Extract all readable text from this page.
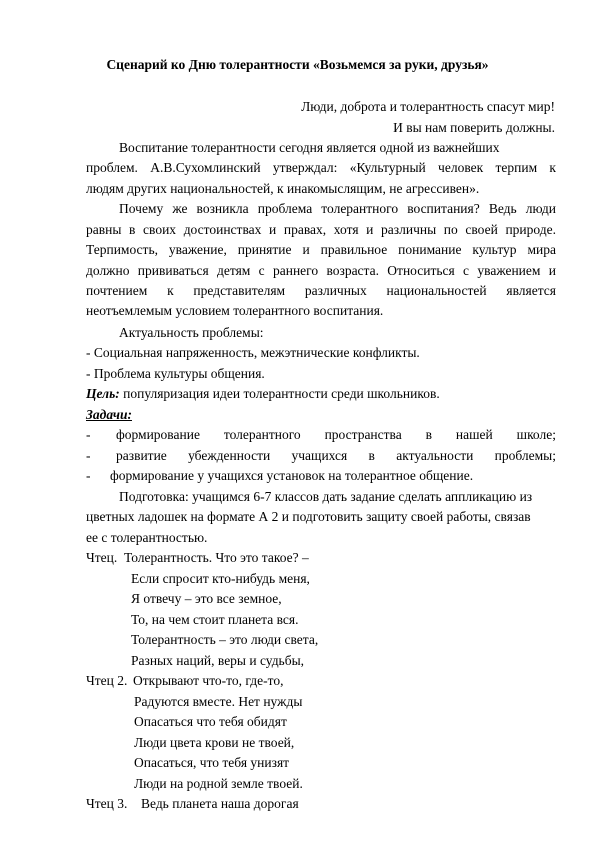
Сценарий ко Дню толерантности «Возьмемся за руки, друзья»
Люди, доброта и толерантность спасут мир!
И вы нам поверить должны.
Воспитание толерантности сегодня является одной из важнейших
проблем. А.В.Сухомлинский утверждал: «Культурный человек терпим к
людям других национальностей, к инакомыслящим, не агрессивен».
Почему же возникла проблема толерантного воспитания? Ведь люди
равны в своих достоинствах и правах, хотя и различны по своей природе.
Терпимость, уважение, принятие и правильное понимание культур мира
должно прививаться детям с раннего возраста. Относиться с уважением и
почтением к представителям различных национальностей является
неотъемлемым условием толерантного воспитания.
Актуальность проблемы:
- Социальная напряженность, межэтнические конфликты.
- Проблема культуры общения.
Цель: популяризация идеи толерантности среди школьников.
Задачи:
- формирование толерантного пространства в нашей школе;
- развитие убежденности учащихся в актуальности проблемы;
- формирование у учащихся установок на толерантное общение.
Подготовка: учащимся 6-7 классов дать задание сделать аппликацию из
цветных ладошек на формате А 2 и подготовить защиту своей работы, связав
ее с толерантностью.
Чтец. Толерантность. Что это такое? –
Если спросит кто-нибудь меня,
Я отвечу – это все земное,
То, на чем стоит планета вся.
Толерантность – это люди света,
Разных наций, веры и судьбы,
Чтец 2. Открывают что-то, где-то,
Радуются вместе. Нет нужды
Опасаться что тебя обидят
Люди цвета крови не твоей,
Опасаться, что тебя унизят
Люди на родной земле твоей.
Чтец 3. Ведь планета наша дорогая
